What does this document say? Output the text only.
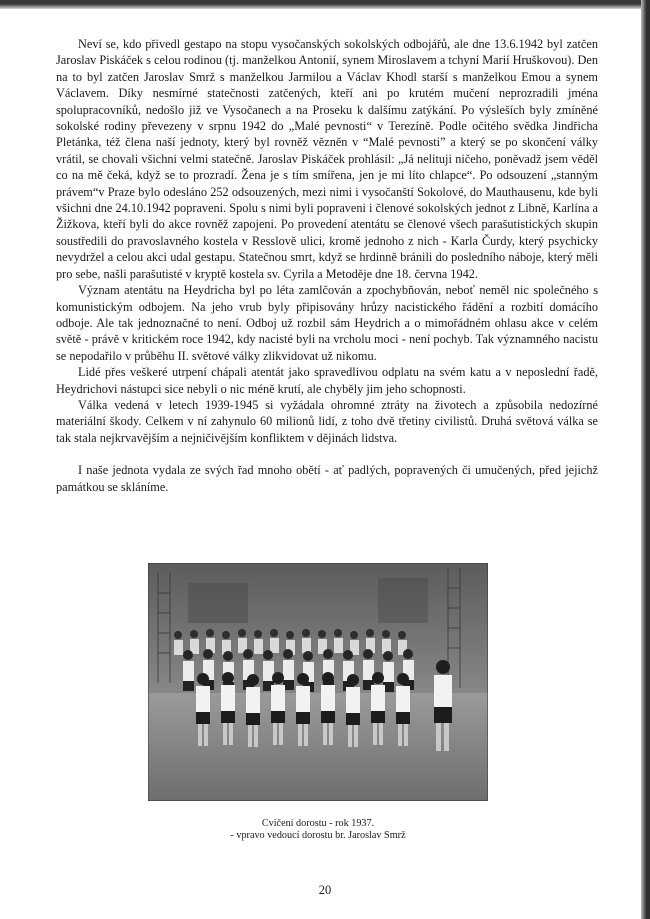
Neví se, kdo přivedl gestapo na stopu vysočanských sokolských odbojářů, ale dne 13.6.1942 byl zatčen Jaroslav Piskáček s celou rodinou (tj. manželkou Antonií, synem Miroslavem a tchyní Marií Hruškovou). Den na to byl zatčen Jaroslav Smrž s manželkou Jarmilou a Václav Khodl starší s manželkou Emou a synem Václavem. Díky nesmírné statečnosti zatčených, kteří ani po krutém mučení neprozradili jména spolupracovníků, nedošlo již ve Vysočanech a na Proseku k dalšímu zatýkání. Po výsleších byly zmíněné sokolské rodiny převezeny v srpnu 1942 do „Malé pevnosti“ v Terezíně. Podle očitého svědka Jindřicha Pletánka, též člena naší jednoty, který byl rovněž vězněn v “Malé pevnosti” a který se po skončení války vrátil, se chovali všichni velmi statečně. Jaroslav Piskáček prohlásil: „Já nelituji ničeho, poněvadž jsem věděl co na mě čeká, když se to prozradí. Žena je s tím smířena, jen je mi líto chlapce“. Po odsouzení „stanným právem“v Praze bylo odesláno 252 odsouzených, mezi nimi i vysočanští Sokolové, do Mauthausenu, kde byli všichni dne 24.10.1942 popraveni. Spolu s nimi byli popraveni i členové sokolských jednot z Libně, Karlína a Žižkova, kteří byli do akce rovněž zapojeni. Po provedení atentátu se členové všech parašutistických skupin soustředili do pravoslavného kostela v Resslově ulici, kromě jednoho z nich - Karla Čurdy, který psychicky nevydržel a celou akci udal gestapu. Statečnou smrt, když se hrdinně bránili do posledního náboje, který měli pro sebe, našli parašutisté v kryptě kostela sv. Cyrila a Metoděje dne 18. června 1942.

Význam atentátu na Heydricha byl po léta zamlčován a zpochybňován, neboť neměl nic společného s komunistickým odbojem. Na jeho vrub byly připisovány hrůzy nacistického řádění a rozbití domácího odboje. Ale tak jednoznačné to není. Odboj už rozbil sám Heydrich a o mimořádném ohlasu akce v celém světě - právě v kritickém roce 1942, kdy nacisté byli na vrcholu moci - není pochyb. Tak významného nacistu se nepodařilo v průběhu II. světové války zlikvidovat už nikomu.

Lidé přes veškeré utrpení chápali atentát jako spravedlivou odplatu na svém katu a v neposlední řadě, Heydrichovi nástupci sice nebyli o nic méně krutí, ale chyběly jim jeho schopnosti.

Válka vedená v letech 1939-1945 si vyžádala ohromné ztráty na životech a způsobila nedozírné materiální škody. Celkem v ní zahynulo 60 milionů lidí, z toho dvě třetiny civilistů. Druhá světová válka se tak stala nejkrvavějším a nejničivějším konfliktem v dějinách lidstva.

I naše jednota vydala ze svých řad mnoho obětí - ať padlých, popravených či umučených, před jejichž památkou se skláníme.

Cvičení dorostu - rok 1937.
- vpravo vedoucí dorostu br. Jaroslav Smrž
20
